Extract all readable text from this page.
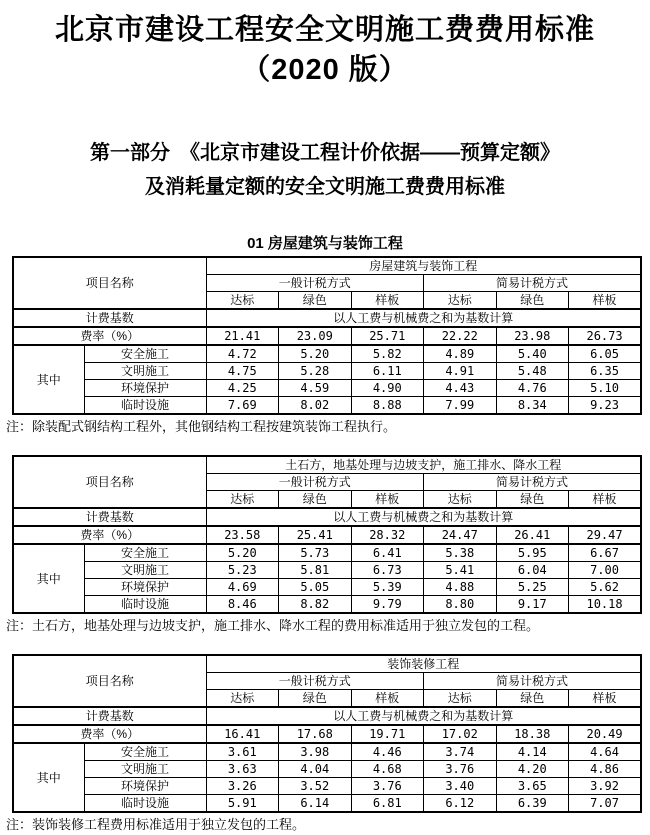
北京市建设工程安全文明施工费费用标准
（2020 版）
第一部分　《北京市建设工程计价依据——预算定额》
及消耗量定额的安全文明施工费费用标准
01 房屋建筑与装饰工程
项目名称		房屋建筑与装饰工程					
		一般计税方式			简易计税方式		
		达标	绿色	样板	达标	绿色	样板
计费基数		以人工费与机械费之和为基数计算					
费率（%）		21.41	23.09	25.71	22.22	23.98	26.73
其中	安全施工	4.72	5.20	5.82	4.89	5.40	6.05
	文明施工	4.75	5.28	6.11	4.91	5.48	6.35
	环境保护	4.25	4.59	4.90	4.43	4.76	5.10
	临时设施	7.69	8.02	8.88	7.99	8.34	9.23

注：除装配式钢结构工程外，其他钢结构工程按建筑装饰工程执行。

项目名称		土石方，地基处理与边坡支护，施工排水、降水工程					
		一般计税方式			简易计税方式		
		达标	绿色	样板	达标	绿色	样板
计费基数		以人工费与机械费之和为基数计算					
费率（%）		23.58	25.41	28.32	24.47	26.41	29.47
其中	安全施工	5.20	5.73	6.41	5.38	5.95	6.67
	文明施工	5.23	5.81	6.73	5.41	6.04	7.00
	环境保护	4.69	5.05	5.39	4.88	5.25	5.62
	临时设施	8.46	8.82	9.79	8.80	9.17	10.18

注：土石方，地基处理与边坡支护，施工排水、降水工程的费用标准适用于独立发包的工程。

项目名称		装饰装修工程					
		一般计税方式			简易计税方式		
		达标	绿色	样板	达标	绿色	样板
计费基数		以人工费与机械费之和为基数计算					
费率（%）		16.41	17.68	19.71	17.02	18.38	20.49
其中	安全施工	3.61	3.98	4.46	3.74	4.14	4.64
	文明施工	3.63	4.04	4.68	3.76	4.20	4.86
	环境保护	3.26	3.52	3.76	3.40	3.65	3.92
	临时设施	5.91	6.14	6.81	6.12	6.39	7.07

注：装饰装修工程费用标准适用于独立发包的工程。
